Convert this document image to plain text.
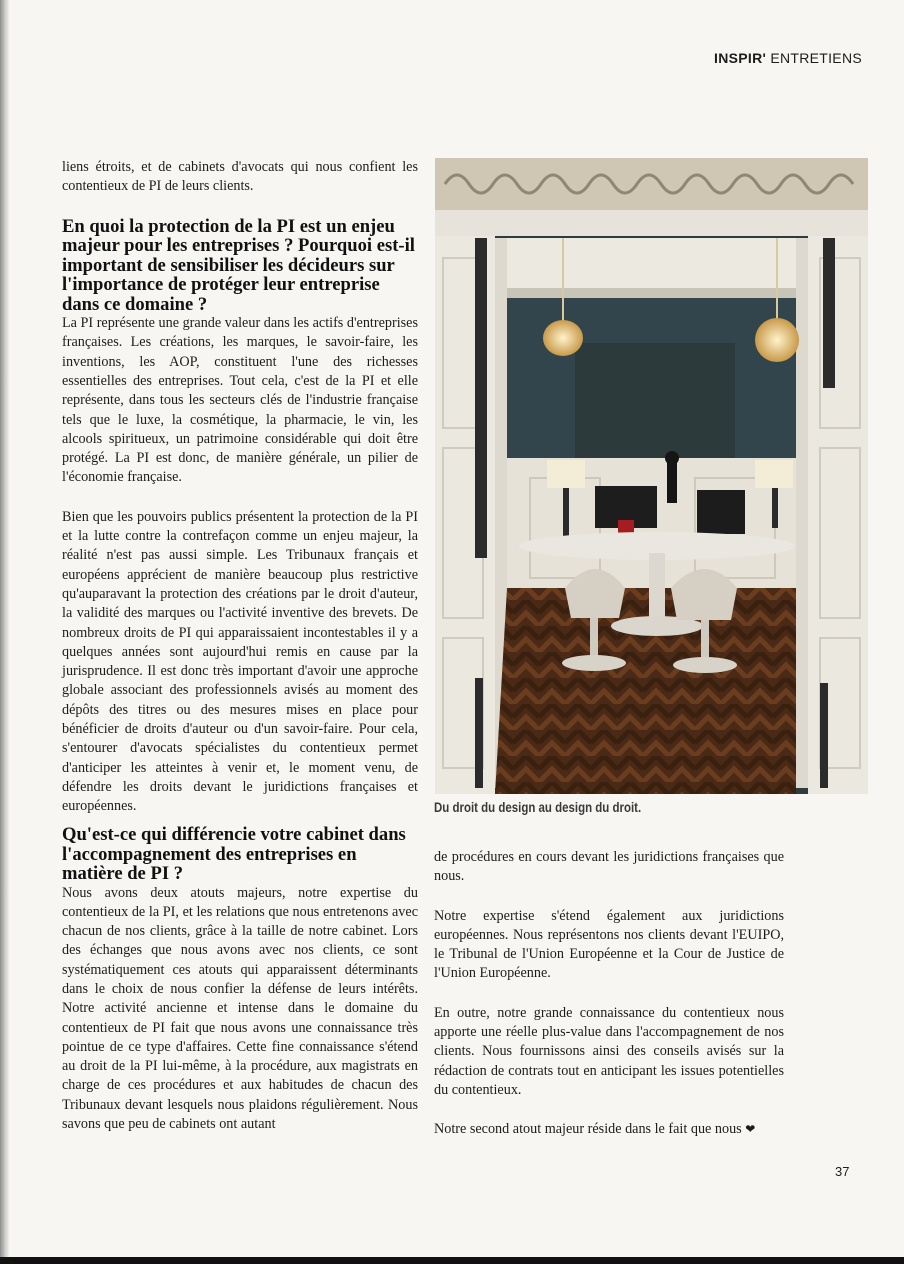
INSPIR' ENTRETIENS

liens étroits, et de cabinets d'avocats qui nous confient les contentieux de PI de leurs clients.

En quoi la protection de la PI est un enjeu majeur pour les entreprises ? Pourquoi est-il important de sensibiliser les décideurs sur l'importance de protéger leur entreprise dans ce domaine ?

La PI représente une grande valeur dans les actifs d'entreprises françaises. Les créations, les marques, le savoir-faire, les inventions, les AOP, constituent l'une des richesses essentielles des entreprises. Tout cela, c'est de la PI et elle représente, dans tous les secteurs clés de l'industrie française tels que le luxe, la cosmétique, la pharmacie, le vin, les alcools spiritueux, un patrimoine considérable qui doit être protégé. La PI est donc, de manière générale, un pilier de l'économie française.

Bien que les pouvoirs publics présentent la protection de la PI et la lutte contre la contrefaçon comme un enjeu majeur, la réalité n'est pas aussi simple. Les Tribunaux français et européens apprécient de manière beaucoup plus restrictive qu'auparavant la protection des créations par le droit d'auteur, la validité des marques ou l'activité inventive des brevets. De nombreux droits de PI qui apparaissaient incontestables il y a quelques années sont aujourd'hui remis en cause par la jurisprudence. Il est donc très important d'avoir une approche globale associant des professionnels avisés au moment des dépôts des titres ou des mesures mises en place pour bénéficier de droits d'auteur ou d'un savoir-faire. Pour cela, s'entourer d'avocats spécialistes du contentieux permet d'anticiper les atteintes à venir et, le moment venu, de défendre les droits devant le juridictions françaises et européennes.	Du droit du design au design du droit.
Qu'est-ce qui différencie votre cabinet dans l'accompagnement des entreprises en matière de PI ?

Nous avons deux atouts majeurs, notre expertise du contentieux de la PI, et les relations que nous entretenons avec chacun de nos clients, grâce à la taille de notre cabinet. Lors des échanges que nous avons avec nos clients, ce sont systématiquement ces atouts qui apparaissent déterminants dans le choix de nous confier la défense de leurs intérêts. Notre activité ancienne et intense dans le domaine du contentieux de PI fait que nous avons une connaissance très pointue de ce type d'affaires. Cette fine connaissance s'étend au droit de la PI lui-même, à la procédure, aux magistrats en charge de ces procédures et aux habitudes de chacun des Tribunaux devant lesquels nous plaidons régulièrement. Nous savons que peu de cabinets ont autant

de procédures en cours devant les juridictions françaises que nous.

Notre expertise s'étend également aux juridictions européennes. Nous représentons nos clients devant l'EUIPO, le Tribunal de l'Union Européenne et la Cour de Justice de l'Union Européenne.

En outre, notre grande connaissance du contentieux nous apporte une réelle plus-value dans l'accompagnement de nos clients. Nous fournissons ainsi des conseils avisés sur la rédaction de contrats tout en anticipant les issues potentielles du contentieux.

Notre second atout majeur réside dans le fait que nous ❤

37
